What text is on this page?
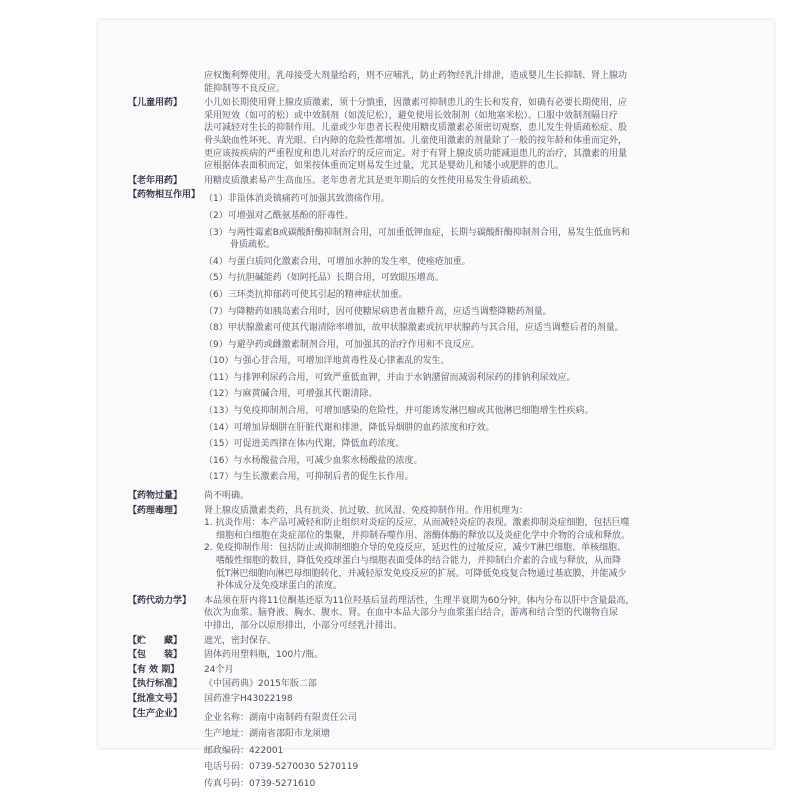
应权衡利弊使用。乳母接受大剂量给药，则不应哺乳，防止药物经乳汁排泄，造成婴儿生长抑制、肾上腺功
能抑制等不良反应。
【儿童用药】	小儿如长期使用肾上腺皮质激素，须十分慎重，因激素可抑制患儿的生长和发育，如确有必要长期使用，应
采用短效（如可的松）或中效制剂（如泼尼松），避免使用长效制剂（如地塞米松）。口服中效制剂隔日疗
法可减轻对生长的抑制作用。儿童或少年患者长程使用糖皮质激素必须密切观察，患儿发生骨质疏松症、股
骨头缺血性坏死、青光眼、白内障的危险性都增加。儿童使用激素的剂量除了一般的按年龄和体重而定外，
更应该按疾病的严重程度和患儿对治疗的反应而定。对于有肾上腺皮质功能减退患儿的治疗，其激素的用量
应根据体表面积而定，如果按体重而定则易发生过量，尤其是婴幼儿和矮小或肥胖的患儿。
【老年用药】	用糖皮质激素易产生高血压。老年患者尤其是更年期后的女性使用易发生骨质疏松。
【药物相互作用】 （1）非甾体消炎镇痛药可加强其致溃疡作用。
（2）可增强对乙酰氨基酚的肝毒性。
（3）与两性霉素B或碳酸酐酶抑制剂合用，可加重低钾血症，长期与碳酸酐酶抑制剂合用，易发生低血钙和
骨质疏松。
（4）与蛋白质同化激素合用，可增加水肿的发生率，使痤疮加重。
（5）与抗胆碱能药（如阿托品）长期合用，可致眼压增高。
（6）三环类抗抑郁药可使其引起的精神症状加重。
（7）与降糖药如胰岛素合用时，因可使糖尿病患者血糖升高，应适当调整降糖药剂量。
（8）甲状腺激素可使其代谢清除率增加，故甲状腺激素或抗甲状腺药与其合用，应适当调整后者的剂量。
（9）与避孕药或雌激素制剂合用，可加强其的治疗作用和不良反应。
（10）与强心苷合用，可增加洋地黄毒性及心律紊乱的发生。
（11）与排钾利尿药合用，可致严重低血钾，并由于水钠潴留而减弱利尿药的排钠利尿效应。
（12）与麻黄碱合用，可增强其代谢清除。
（13）与免疫抑制剂合用，可增加感染的危险性，并可能诱发淋巴瘤或其他淋巴细胞增生性疾病。
（14）可增加异烟肼在肝脏代谢和排泄，降低异烟肼的血药浓度和疗效。
（15）可促进美西律在体内代谢，降低血药浓度。
（16）与水杨酸盐合用，可减少血浆水杨酸盐的浓度。
（17）与生长激素合用，可抑制后者的促生长作用。
【药物过量】	尚不明确。
【药理毒理】	肾上腺皮质激素类药，具有抗炎、抗过敏、抗风湿、免疫抑制作用。作用机理为：
1. 抗炎作用：本产品可减轻和防止组织对炎症的反应，从而减轻炎症的表现。激素抑制炎症细胞，包括巨噬
细胞和白细胞在炎症部位的集聚，并抑制吞噬作用、溶酶体酶的释放以及炎症化学中介物的合成和释放。
2. 免疫抑制作用：包括防止或抑制细胞介导的免疫反应，延迟性的过敏反应，减少T淋巴细胞、单核细胞、
嗜酸性细胞的数目，降低免疫球蛋白与细胞表面受体的结合能力，并抑制白介素的合成与释放，从而降
低T淋巴细胞向淋巴母细胞转化，并减轻原发免疫反应的扩展。可降低免疫复合物通过基底膜，并能减少
补体成分及免疫球蛋白的浓度。
【药代动力学】	本品须在肝内将11位酮基还原为11位羟基后显药理活性，生理半衰期为60分钟。体内分布以肝中含量最高，
依次为血浆、脑脊液、胸水、腹水、肾。在血中本品大部分与血浆蛋白结合，游离和结合型的代谢物自尿
中排出，部分以原形排出，小部分可经乳汁排出。
【贮　　藏】	遮光，密封保存。
【包　　装】	固体药用塑料瓶，100片/瓶。
【有 效 期】	24个月
【执行标准】	《中国药典》2015年版二部
【批准文号】	国药准字H43022198
【生产企业】	企业名称：湖南中南制药有限责任公司
生产地址：湖南省邵阳市龙须塘
邮政编码：422001
电话号码：0739-5270030 5270119
传真号码：0739-5271610
